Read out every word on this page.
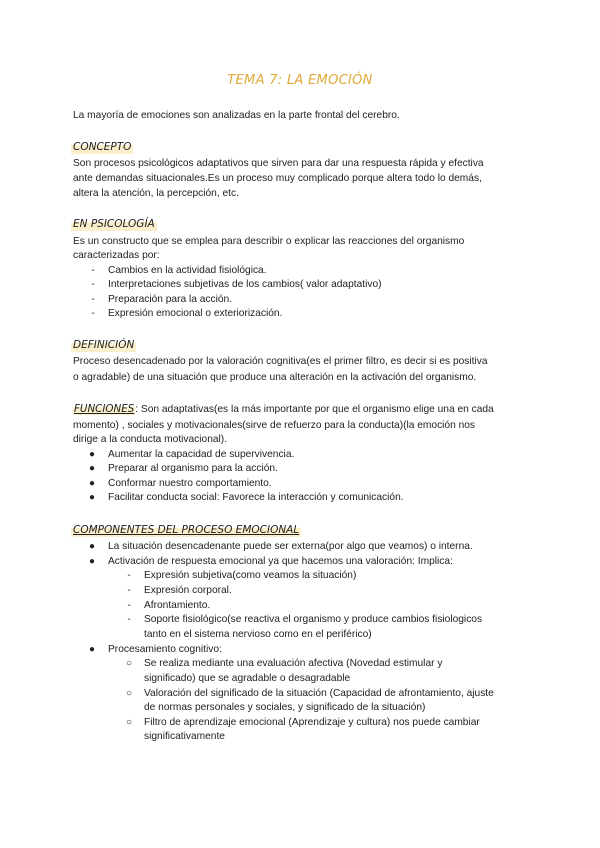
TEMA 7: LA EMOCIÓN
La mayoría de emociones son analizadas en la parte frontal del cerebro.
CONCEPTO
Son procesos psicológicos adaptativos que sirven para dar una respuesta rápida y efectiva
ante demandas situacionales.Es un proceso muy complicado porque altera todo lo demás,
altera la atención, la percepción, etc.
EN PSICOLOGÍA
Es un constructo que se emplea para describir o explicar las reacciones del organismo
caracterizadas por:
-	Cambios en la actividad fisiológica.
-	Interpretaciones subjetivas de los cambios( valor adaptativo)
-	Preparación para la acción.
-	Expresión emocional o exteriorización.
DEFINICIÓN
Proceso desencadenado por la valoración cognitiva(es el primer filtro, es decir si es positiva
o agradable) de una situación que produce una alteración en la activación del organismo.
FUNCIONES: Son adaptativas(es la más importante por que el organismo elige una en cada
momento) , sociales y motivacionales(sirve de refuerzo para la conducta)(la emoción nos
dirige a la conducta motivacional).
● Aumentar la capacidad de supervivencia.
● Preparar al organismo para la acción.
● Conformar nuestro comportamiento.
● Facilitar conducta social: Favorece la interacción y comunicación.
COMPONENTES DEL PROCESO EMOCIONAL
● La situación desencadenante puede ser externa(por algo que veamos) o interna.
● Activación de respuesta emocional ya que hacemos una valoración: Implica:
-	Expresión subjetiva(como veamos la situación)
-	Expresión corporal.
-	Afrontamiento.
-	Soporte fisiológico(se reactiva el organismo y produce cambios fisiologicos
tanto en el sistema nervioso como en el periférico)
● Procesamiento cognitivo:
○ Se realiza mediante una evaluación afectiva (Novedad estimular y
significado) que se agradable o desagradable
○ Valoración del significado de la situación (Capacidad de afrontamiento, ajuste
de normas personales y sociales, y significado de la situación)
○ Filtro de aprendizaje emocional (Aprendizaje y cultura) nos puede cambiar
significativamente
